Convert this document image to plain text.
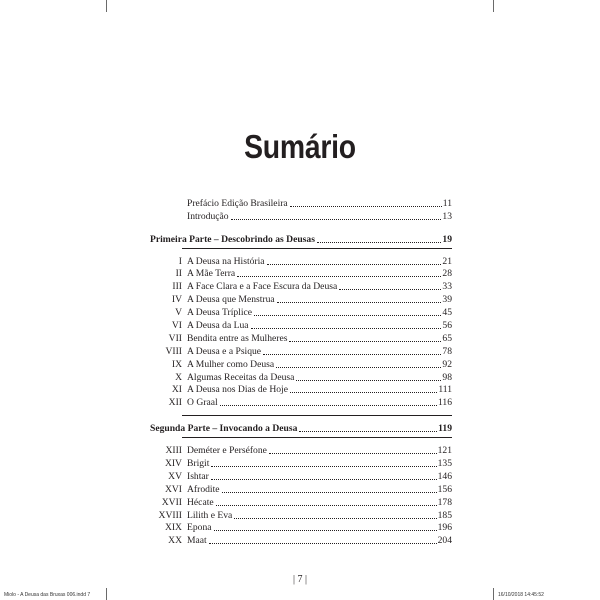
Sumário
Prefácio Edição Brasileira	11
Introdução	13
Primeira Parte – Descobrindo as Deusas	19
I A Deusa na História	21
II A Mãe Terra	28
III A Face Clara e a Face Escura da Deusa	33
IV A Deusa que Menstrua	39
V A Deusa Tríplice	45
VI A Deusa da Lua	56
VII Bendita entre as Mulheres	65
VIII A Deusa e a Psique	78
IX A Mulher como Deusa	92
X Algumas Receitas da Deusa	98
XI A Deusa nos Dias de Hoje	111
XII O Graal	116
Segunda Parte – Invocando a Deusa	119
XIII Deméter e Perséfone	121
XIV Brigit	135
XV Ishtar	146
XVI Afrodite	156
XVII Hécate	178
XVIII Lilith e Eva	185
XIX Epona	196
XX Maat	204
| 7 |
Miolo - A Deusa das Bruxas 006.indd 7	16/10/2018 14:45:52
